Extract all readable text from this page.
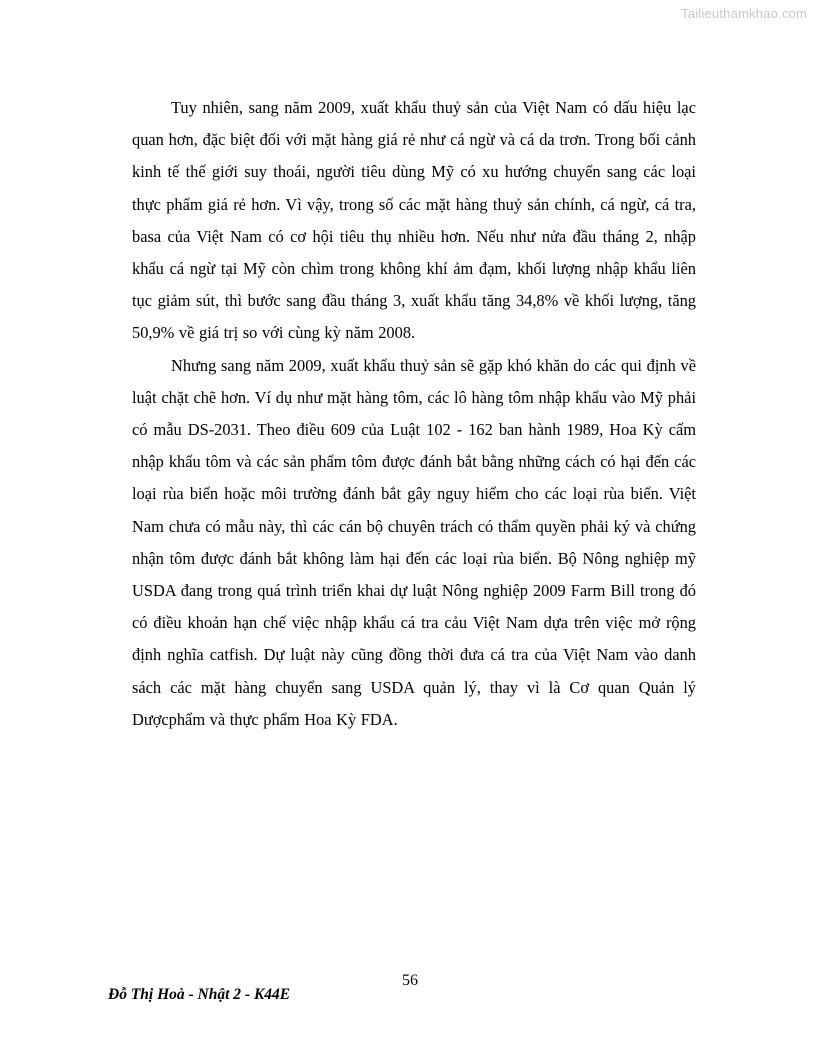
Tailieuthamkhao.com

Tuy nhiên, sang năm 2009, xuất khẩu thuỷ sản của Việt Nam có dấu hiệu lạc quan hơn, đặc biệt đối với mặt hàng giá rẻ như cá ngừ và cá da trơn. Trong bối cảnh kinh tế thế giới suy thoái, người tiêu dùng Mỹ có xu hướng chuyển sang các loại thực phẩm giá rẻ hơn. Vì vậy, trong số các mặt hàng thuỷ sản chính, cá ngừ, cá tra, basa của Việt Nam có cơ hội tiêu thụ nhiều hơn. Nếu như nửa đầu tháng 2, nhập khẩu cá ngừ tại Mỹ còn chìm trong không khí ảm đạm, khối lượng nhập khẩu liên tục giảm sút, thì bước sang đầu tháng 3, xuất khẩu tăng 34,8% về khối lượng, tăng 50,9% về giá trị so với cùng kỳ năm 2008.

Nhưng sang năm 2009, xuất khẩu thuỷ sản sẽ gặp khó khăn do các qui định về luật chặt chẽ hơn. Ví dụ như mặt hàng tôm, các lô hàng tôm nhập khẩu vào Mỹ phải có mẫu DS-2031. Theo điều 609 của Luật 102 - 162 ban hành 1989, Hoa Kỳ cấm nhập khẩu tôm và các sản phẩm tôm được đánh bắt bằng những cách có hại đến các loại rùa biển hoặc môi trường đánh bắt gây nguy hiểm cho các loại rùa biển. Việt Nam chưa có mẫu này, thì các cán bộ chuyên trách có thẩm quyền phải ký và chứng nhận tôm được đánh bắt không làm hại đến các loại rùa biển. Bộ Nông nghiệp mỹ USDA đang trong quá trình triển khai dự luật Nông nghiệp 2009 Farm Bill trong đó có điều khoản hạn chế việc nhập khẩu cá tra cảu Việt Nam dựa trên việc mở rộng định nghĩa catfish. Dự luật này cũng đồng thời đưa cá tra của Việt Nam vào danh sách các mặt hàng chuyển sang USDA quản lý, thay vì là Cơ quan Quản lý Dượcphẩm và thực phẩm Hoa Kỳ FDA.

56
Đỗ Thị Hoà - Nhật 2 - K44E
